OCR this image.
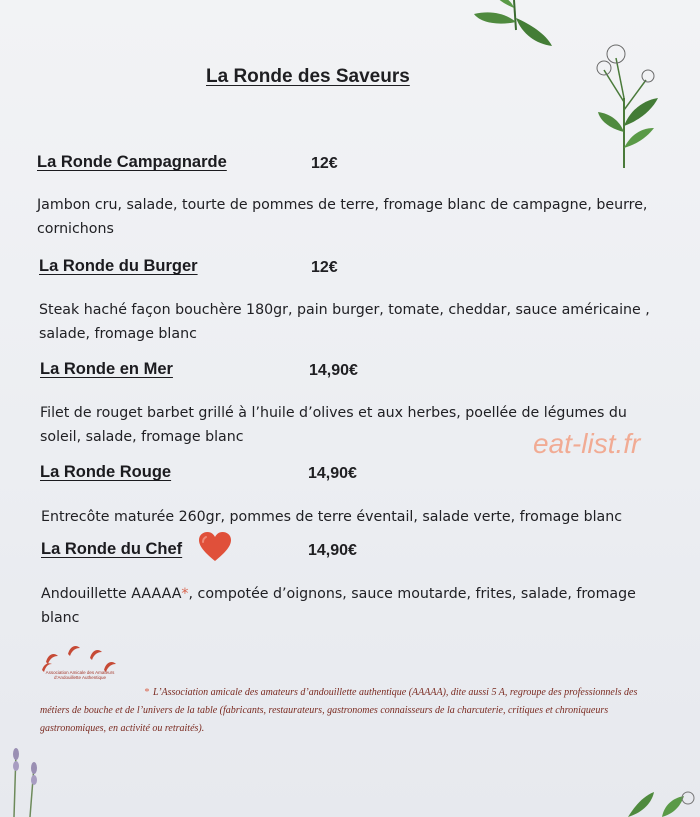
La Ronde des Saveurs
La Ronde Campagnarde	12€
Jambon cru, salade, tourte de pommes de terre, fromage blanc de campagne, beurre,
cornichons
La Ronde du Burger	12€
Steak haché façon bouchère 180gr, pain burger, tomate, cheddar, sauce américaine ,
salade, fromage blanc
La Ronde en Mer	14,90€
Filet de rouget barbet grillé à l’huile d’olives et aux herbes, poellée de légumes du
soleil, salade, fromage blanc
La Ronde Rouge	14,90€
Entrecôte maturée 260gr, pommes de terre éventail, salade verte, fromage blanc
La Ronde du Chef	14,90€
Andouillette AAAAA*, compotée d’oignons, sauce moutarde, frites, salade, fromage
blanc
eat-list.fr
Association Amicale des Amateurs d’Andouillette Authentique
* L’Association amicale des amateurs d’andouillette authentique (AAAAA), dite aussi 5 A, regroupe des professionnels des métiers de bouche et de l’univers de la table (fabricants, restaurateurs, gastronomes connaisseurs de la charcuterie, critiques et chroniqueurs gastronomiques, en activité ou retraités).
